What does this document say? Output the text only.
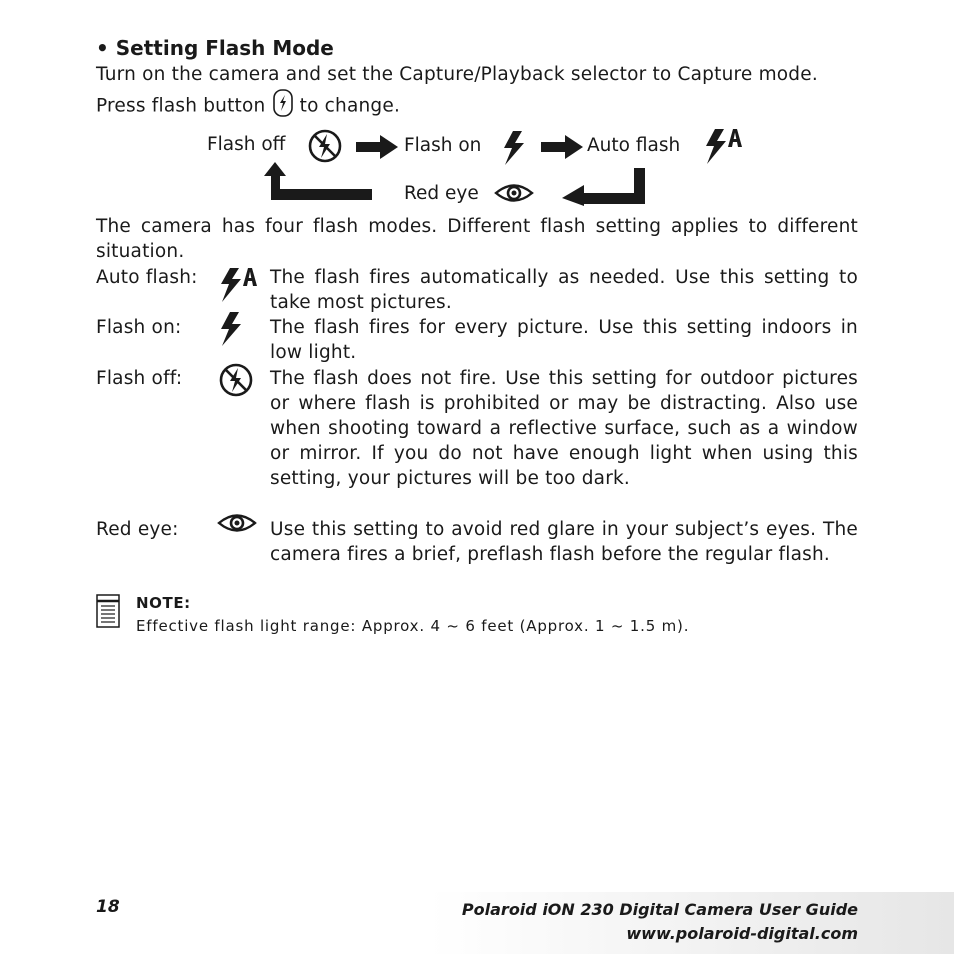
• Setting Flash Mode
Turn on the camera and set the Capture/Playback selector to Capture mode.
Press flash button to change.
Flash off	Flash on	Auto flash
Red eye
The camera has four flash modes. Different flash setting applies to different situation.
Auto flash:	The flash fires automatically as needed. Use this setting to take most pictures.
Flash on:	The flash fires for every picture. Use this setting indoors in low light.
Flash off:	The flash does not fire. Use this setting for outdoor pictures or where flash is prohibited or may be distracting. Also use when shooting toward a reflective surface, such as a window or mirror. If you do not have enough light when using this setting, your pictures will be too dark.
Red eye:	Use this setting to avoid red glare in your subject’s eyes. The camera fires a brief, preflash flash before the regular flash.
NOTE:
Effective flash light range: Approx. 4 ~ 6 feet (Approx. 1 ~ 1.5 m).
18	Polaroid iON 230 Digital Camera User Guide
www.polaroid-digital.com
